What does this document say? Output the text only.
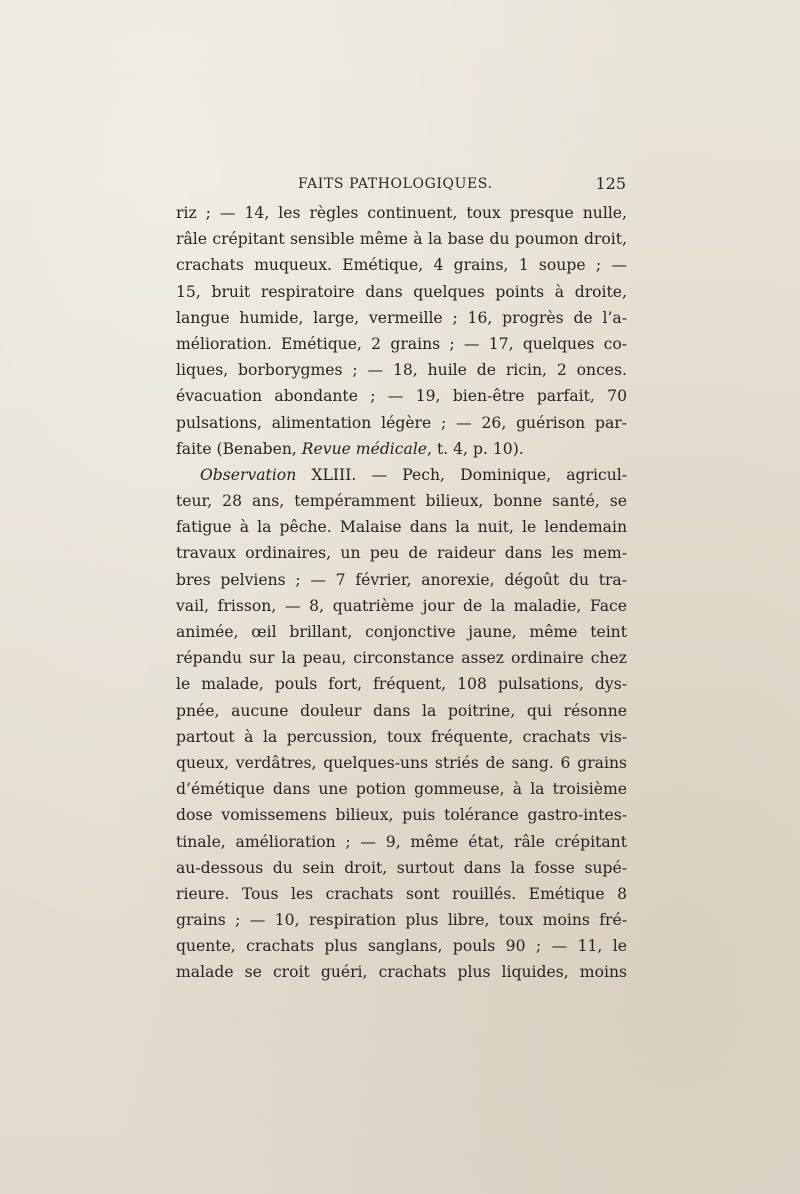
FAITS PATHOLOGIQUES.	125
riz ; — 14, les règles continuent, toux presque nulle,
râle crépitant sensible même à la base du poumon droit,
crachats muqueux. Emétique, 4 grains, 1 soupe ; —
15, bruit respiratoire dans quelques points à droite,
langue humide, large, vermeille ; 16, progrès de l’a-
mélioration. Emétique, 2 grains ; — 17, quelques co-
liques, borborygmes ; — 18, huile de ricin, 2 onces.
évacuation abondante ; — 19, bien-être parfait, 70
pulsations, alimentation légère ; — 26, guérison par-
faite (Benaben, Revue médicale, t. 4, p. 10).
Observation XLIII. — Pech, Dominique, agricul-
teur, 28 ans, tempéramment bilieux, bonne santé, se
fatigue à la pêche. Malaise dans la nuit, le lendemain
travaux ordinaires, un peu de raideur dans les mem-
bres pelviens ; — 7 février, anorexie, dégoût du tra-
vail, frisson, — 8, quatrième jour de la maladie, Face
animée, œil brillant, conjonctive jaune, même teint
répandu sur la peau, circonstance assez ordinaire chez
le malade, pouls fort, fréquent, 108 pulsations, dys-
pnée, aucune douleur dans la poitrine, qui résonne
partout à la percussion, toux fréquente, crachats vis-
queux, verdâtres, quelques-uns striés de sang. 6 grains
d’émétique dans une potion gommeuse, à la troisième
dose vomissemens bilieux, puis tolérance gastro-intes-
tinale, amélioration ; — 9, même état, râle crépitant
au-dessous du sein droit, surtout dans la fosse supé-
rieure. Tous les crachats sont rouillés. Emétique 8
grains ; — 10, respiration plus libre, toux moins fré-
quente, crachats plus sanglans, pouls 90 ; — 11, le
malade se croit guéri, crachats plus liquides, moins
